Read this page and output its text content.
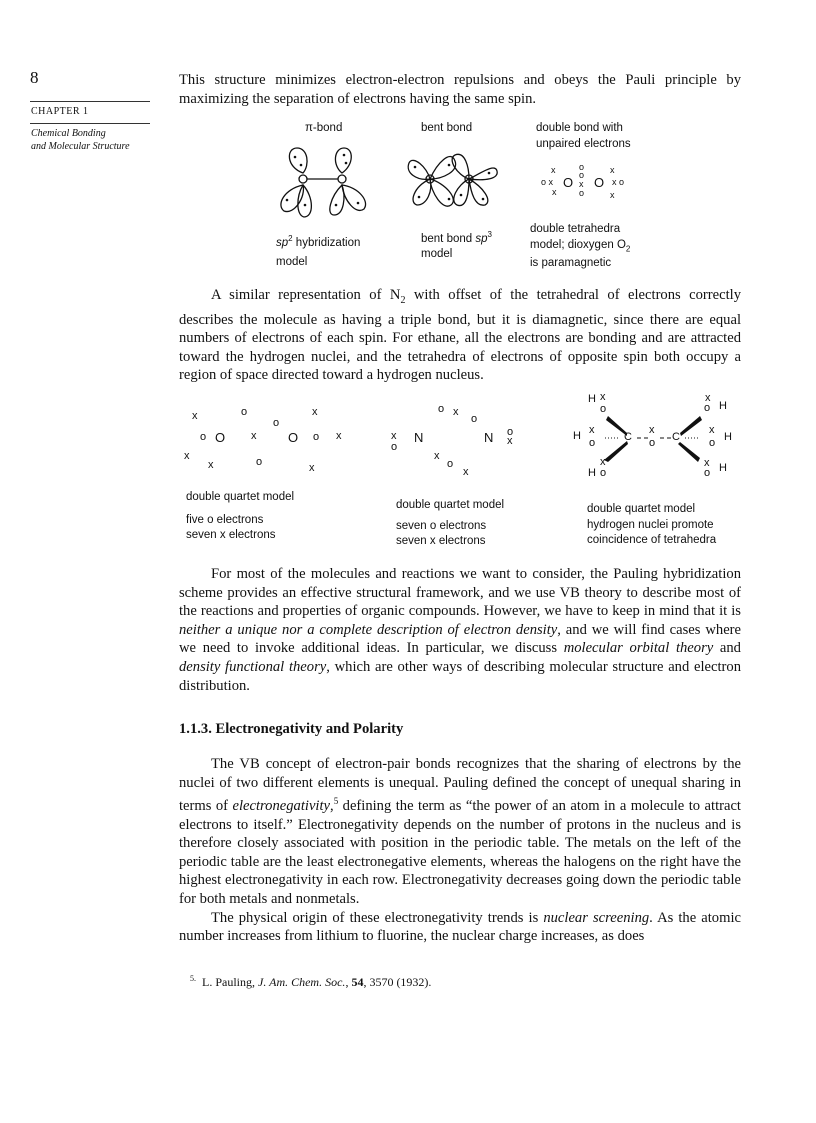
8
CHAPTER 1
Chemical Bonding
and Molecular Structure

This structure minimizes electron-electron repulsions and obeys the Pauli principle by maximizing the separation of electrons having the same spin.

π-bond	bent bond	double bond with
unpaired electrons
x	o	x
o x O o
x
o
O x o
x	x
$sp^2$ hybridization
model
bent bond $sp^3$
model
double tetrahedra
model; dioxygen $O_2$
is paramagnetic

A similar representation of $N_2$ with offset of the tetrahedral of electrons correctly describes the molecule as having a triple bond, but it is diamagnetic, since there are equal numbers of electrons of each spin. For ethane, all the electrons are bonding and are attracted toward the hydrogen nuclei, and the tetrahedra of electrons of opposite spin both occupy a region of space directed toward a hydrogen nucleus.

x	o	x
o
o O x O o x
x
x	o	x
o x
o
x
o
N	N o
x
x
o
x
H x
o
x
o H
H x
o	C
x
o C
x
o H
x
H o
x
o H
double quartet model
five o electrons
seven x electrons
double quartet model
seven o electrons
seven x electrons
double quartet model
hydrogen nuclei promote
coincidence of tetrahedra

For most of the molecules and reactions we want to consider, the Pauling hybridization scheme provides an effective structural framework, and we use VB theory to describe most of the reactions and properties of organic compounds. However, we have to keep in mind that it is neither a unique nor a complete description of electron density, and we will find cases where we need to invoke additional ideas. In particular, we discuss molecular orbital theory and density functional theory, which are other ways of describing molecular structure and electron distribution.

1.1.3. Electronegativity and Polarity

The VB concept of electron-pair bonds recognizes that the sharing of electrons by the nuclei of two different elements is unequal. Pauling defined the concept of unequal sharing in terms of electronegativity,$^5$ defining the term as “the power of an atom in a molecule to attract electrons to itself.” Electronegativity depends on the number of protons in the nucleus and is therefore closely associated with position in the periodic table. The metals on the left of the periodic table are the least electronegative elements, whereas the halogens on the right have the highest electronegativity in each row. Electronegativity decreases going down the periodic table for both metals and nonmetals.

The physical origin of these electronegativity trends is nuclear screening. As the atomic number increases from lithium to fluorine, the nuclear charge increases, as does

$^{5.}$ L. Pauling, J. Am. Chem. Soc., 54, 3570 (1932).
